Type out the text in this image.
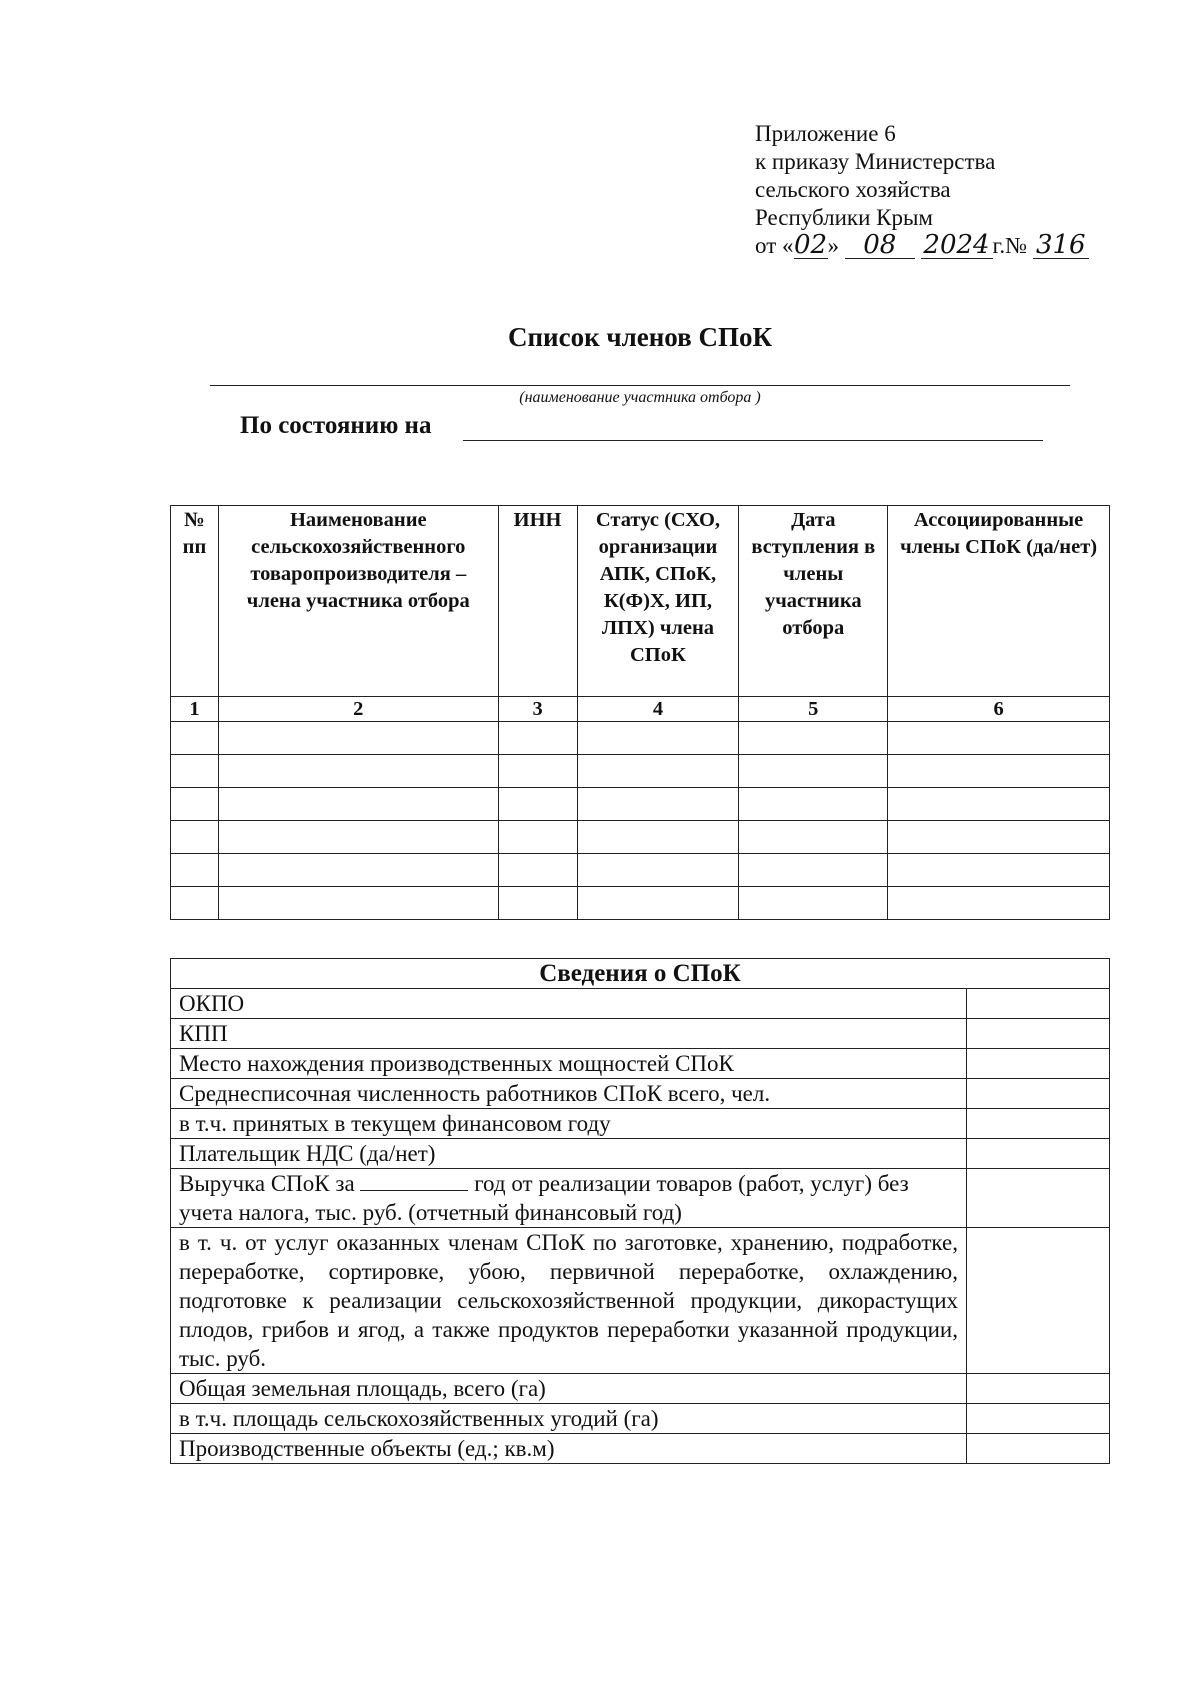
Приложение 6
к приказу Министерства
сельского хозяйства
Республики Крым
от «02» 08 2024 г.№ 316
Список членов СПоК
(наименование участника отбора )
По состоянию на
№ пп	Наименование сельскохозяйственного товаропроизводителя – члена участника отбора	ИНН	Статус (СХО, организации АПК, СПоК, К(Ф)Х, ИП, ЛПХ) члена СПоК	Дата вступления в члены участника отбора	Ассоциированные члены СПоК (да/нет)
1	2	3	4	5	6

Сведения о СПоК	
ОКПО	
КПП	
Место нахождения производственных мощностей СПоК	
Среднесписочная численность работников СПоК всего, чел.	
в т.ч. принятых в текущем финансовом году	
Плательщик НДС (да/нет)	
Выручка СПоК за год от реализации товаров (работ, услуг) без учета налога, тыс. руб. (отчетный финансовый год)	
в т. ч. от услуг оказанных членам СПоК по заготовке, хранению, подработке, переработке, сортировке, убою, первичной переработке, охлаждению, подготовке к реализации сельскохозяйственной продукции, дикорастущих плодов, грибов и ягод, а также продуктов переработки указанной продукции, тыс. руб.	
Общая земельная площадь, всего (га)	
в т.ч. площадь сельскохозяйственных угодий (га)	
Производственные объекты (ед.; кв.м)	
